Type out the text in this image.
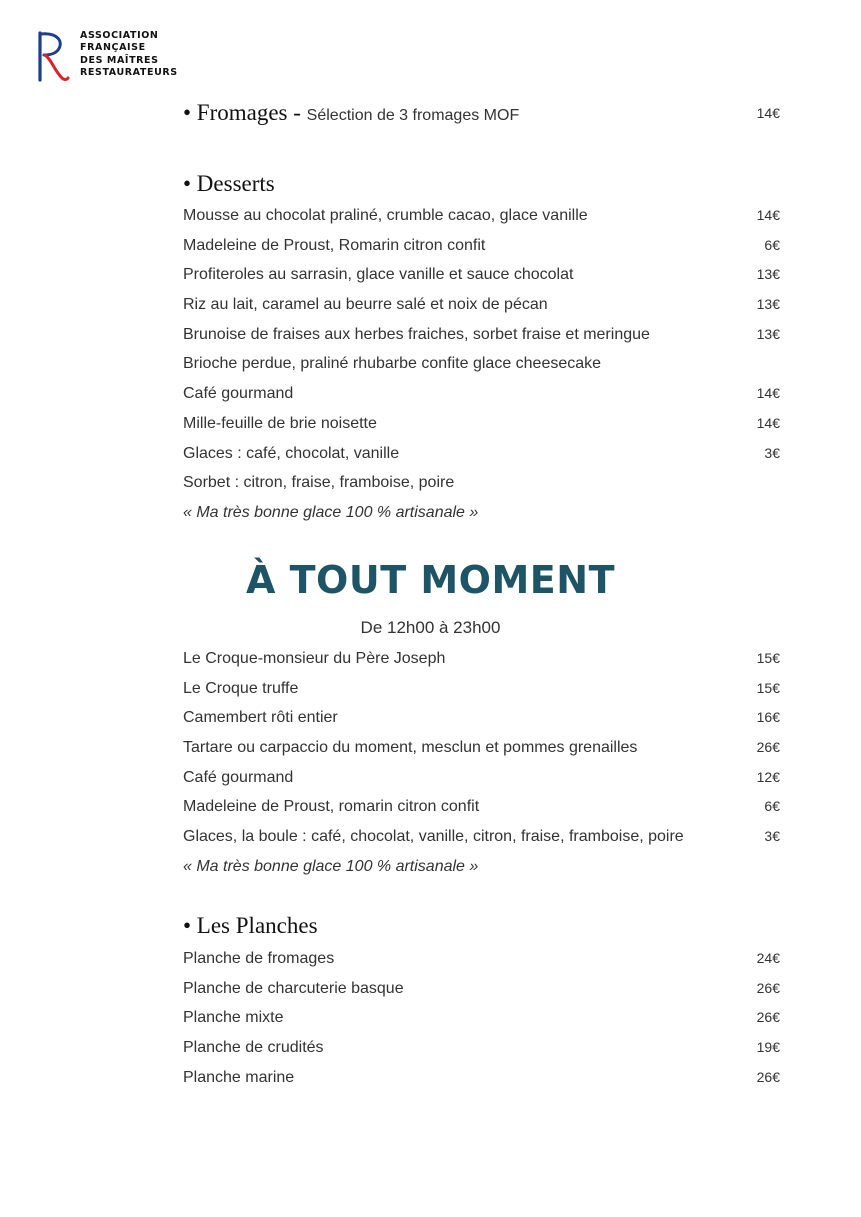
ASSOCIATION
FRANÇAISE
DES MAÎTRES
RESTAURATEURS
• Fromages - Sélection de 3 fromages MOF	14€
• Desserts
Mousse au chocolat praliné, crumble cacao, glace vanille	14€
Madeleine de Proust, Romarin citron confit	6€
Profiteroles au sarrasin, glace vanille et sauce chocolat	13€
Riz au lait, caramel au beurre salé et noix de pécan	13€
Brunoise de fraises aux herbes fraiches, sorbet fraise et meringue	13€
Brioche perdue, praliné rhubarbe confite glace cheesecake
Café gourmand	14€
Mille-feuille de brie noisette	14€
Glaces : café, chocolat, vanille	3€
Sorbet : citron, fraise, framboise, poire
« Ma très bonne glace 100 % artisanale »
À TOUT MOMENT
De 12h00 à 23h00
Le Croque-monsieur du Père Joseph	15€
Le Croque truffe	15€
Camembert rôti entier	16€
Tartare ou carpaccio du moment, mesclun et pommes grenailles	26€
Café gourmand	12€
Madeleine de Proust, romarin citron confit	6€
Glaces, la boule : café, chocolat, vanille, citron, fraise, framboise, poire	3€
« Ma très bonne glace 100 % artisanale »
• Les Planches
Planche de fromages	24€
Planche de charcuterie basque	26€
Planche mixte	26€
Planche de crudités	19€
Planche marine	26€
